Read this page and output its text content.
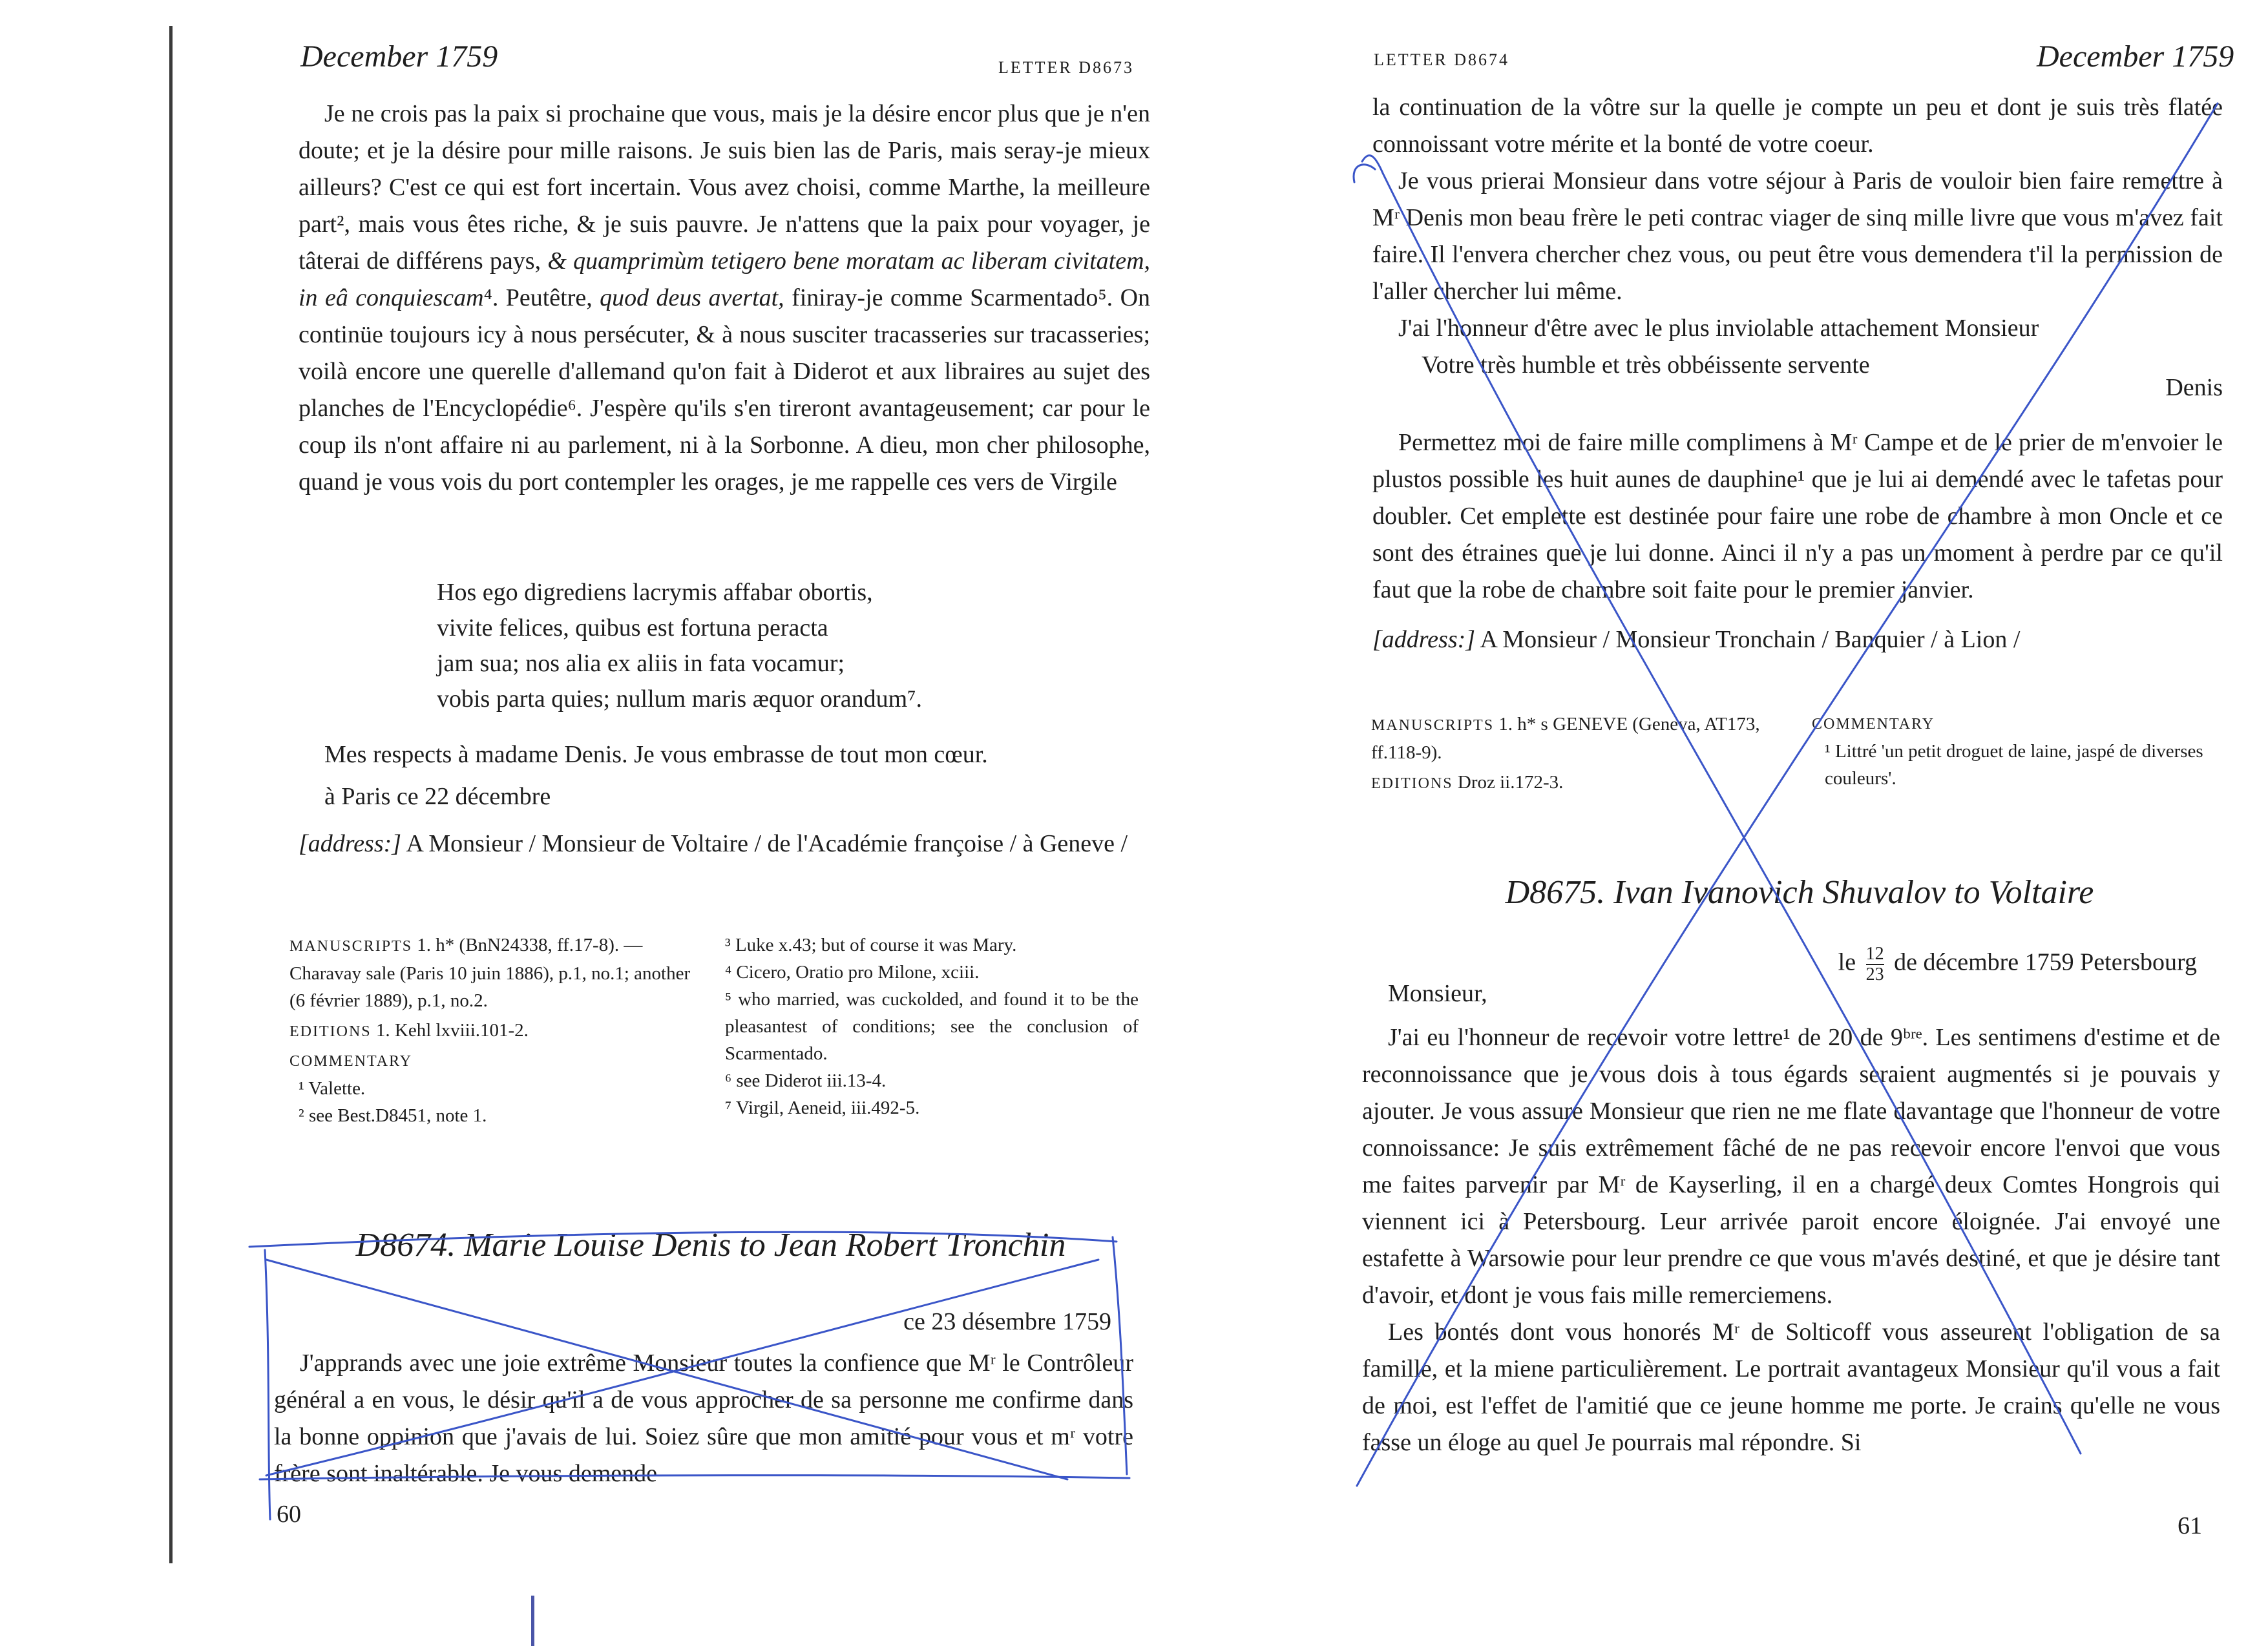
December 1759	LETTER D8673

Je ne crois pas la paix si prochaine que vous, mais je la désire encor plus que je n'en doute; et je la désire pour mille raisons. Je suis bien las de Paris, mais seray-je mieux ailleurs? C'est ce qui est fort incertain. Vous avez choisi, comme Marthe, la meilleure part², mais vous êtes riche, & je suis pauvre. Je n'attens que la paix pour voyager, je tâterai de différens pays, & quamprimùm tetigero bene moratam ac liberam civitatem, in eâ conquiescam⁴. Peutêtre, quod deus avertat, finiray-je comme Scarmentado⁵. On continüe toujours icy à nous persécuter, & à nous susciter tracasseries sur tracasseries; voilà encore une querelle d'allemand qu'on fait à Diderot et aux libraires au sujet des planches de l'Encyclopédie⁶. J'espère qu'ils s'en tireront avantageusement; car pour le coup ils n'ont affaire ni au parlement, ni à la Sorbonne. A dieu, mon cher philosophe, quand je vous vois du port contempler les orages, je me rappelle ces vers de Virgile

Hos ego digrediens lacrymis affabar obortis,
vivite felices, quibus est fortuna peracta
jam sua; nos alia ex aliis in fata vocamur;
vobis parta quies; nullum maris æquor orandum⁷.

Mes respects à madame Denis. Je vous embrasse de tout mon cœur.

à Paris ce 22 décembre

[address:] A Monsieur / Monsieur de Voltaire / de l'Académie françoise / à Geneve /

MANUSCRIPTS 1. h* (BnN24338, ff.17-8). — Charavay sale (Paris 10 juin 1886), p.1, no.1; another (6 février 1889), p.1, no.2.
EDITIONS 1. Kehl lxviii.101-2.
COMMENTARY
¹ Valette.
² see Best.D8451, note 1.
³ Luke x.43; but of course it was Mary.
⁴ Cicero, Oratio pro Milone, xciii.
⁵ who married, was cuckolded, and found it to be the pleasantest of conditions; see the conclusion of Scarmentado.
⁶ see Diderot iii.13-4.
⁷ Virgil, Aeneid, iii.492-5.
D8674. Marie Louise Denis to Jean Robert Tronchin
ce 23 désembre 1759

J'apprands avec une joie extrême Monsieur toutes la confience que Mʳ le Contrôleur général a en vous, le désir qu'il a de vous approcher de sa personne me confirme dans la bonne oppinion que j'avais de lui. Soiez sûre que mon amitié pour vous et mʳ votre frère sont inaltérable. Je vous demende

60
LETTER D8674	December 1759

la continuation de la vôtre sur la quelle je compte un peu et dont je suis très flatée connoissant votre mérite et la bonté de votre coeur.

Je vous prierai Monsieur dans votre séjour à Paris de vouloir bien faire remettre à Mʳ Denis mon beau frère le peti contrac viager de sinq mille livre que vous m'avez fait faire. Il l'envera chercher chez vous, ou peut être vous demendera t'il la permission de l'aller chercher lui même.

J'ai l'honneur d'être avec le plus inviolable attachement Monsieur

Votre très humble et très obbéissente servente

Denis

Permettez moi de faire mille complimens à Mʳ Campe et de le prier de m'envoier le plustos possible les huit aunes de dauphine¹ que je lui ai demendé avec le tafetas pour doubler. Cet emplette est destinée pour faire une robe de chambre à mon Oncle et ce sont des étraines que je lui donne. Ainci il n'y a pas un moment à perdre par ce qu'il faut que la robe de chambre soit faite pour le premier janvier.

[address:] A Monsieur / Monsieur Tronchain / Banquier / à Lion /

MANUSCRIPTS 1. h* s GENEVE (Geneva, AT173, ff.118-9).
EDITIONS Droz ii.172-3.
COMMENTARY
¹ Littré 'un petit droguet de laine, jaspé de diverses couleurs'.
D8675. Ivan Ivanovich Shuvalov to Voltaire
le $\frac{12}{23}$ de décembre 1759 Petersbourg
Monsieur,

J'ai eu l'honneur de recevoir votre lettre¹ de 20 de 9ᵇʳᵉ. Les sentimens d'estime et de reconnoissance que je vous dois à tous égards seraient augmentés si je pouvais y ajouter. Je vous assure Monsieur que rien ne me flate davantage que l'honneur de votre connoissance: Je suis extrêmement fâché de ne pas recevoir encore l'envoi que vous me faites parvenir par Mʳ de Kayserling, il en a chargé deux Comtes Hongrois qui viennent ici à Petersbourg. Leur arrivée paroit encore éloignée. J'ai envoyé une estafette à Warsowie pour leur prendre ce que vous m'avés destiné, et que je désire tant d'avoir, et dont je vous fais mille remerciemens.

Les bontés dont vous honorés Mʳ de Solticoff vous asseurent l'obligation de sa famille, et la miene particulièrement. Le portrait avantageux Monsieur qu'il vous a fait de moi, est l'effet de l'amitié que ce jeune homme me porte. Je crains qu'elle ne vous fasse un éloge au quel Je pourrais mal répondre. Si

61
